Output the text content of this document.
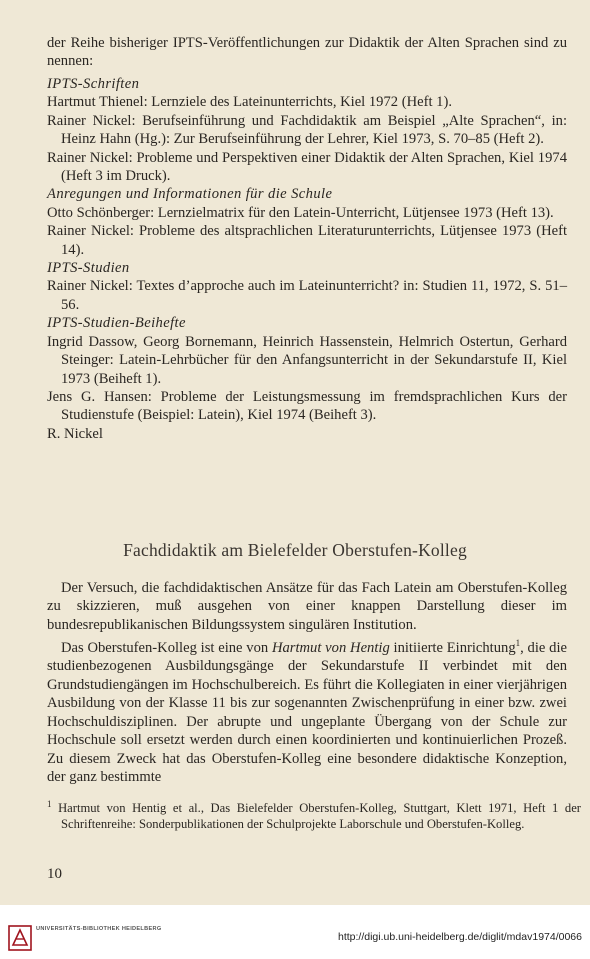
der Reihe bisheriger IPTS-Veröffentlichungen zur Didaktik der Alten Sprachen sind zu nennen:

IPTS-Schriften

Hartmut Thienel: Lernziele des Lateinunterrichts, Kiel 1972 (Heft 1).

Rainer Nickel: Berufseinführung und Fachdidaktik am Beispiel „Alte Sprachen“, in: Heinz Hahn (Hg.): Zur Berufseinführung der Lehrer, Kiel 1973, S. 70–85 (Heft 2).

Rainer Nickel: Probleme und Perspektiven einer Didaktik der Alten Sprachen, Kiel 1974 (Heft 3 im Druck).

Anregungen und Informationen für die Schule

Otto Schönberger: Lernzielmatrix für den Latein-Unterricht, Lütjensee 1973 (Heft 13).

Rainer Nickel: Probleme des altsprachlichen Literaturunterrichts, Lütjensee 1973 (Heft 14).

IPTS-Studien

Rainer Nickel: Textes d’approche auch im Lateinunterricht? in: Studien 11, 1972, S. 51–56.

IPTS-Studien-Beihefte

Ingrid Dassow, Georg Bornemann, Heinrich Hassenstein, Helmrich Ostertun, Gerhard Steinger: Latein-Lehrbücher für den Anfangsunterricht in der Sekundarstufe II, Kiel 1973 (Beiheft 1).

Jens G. Hansen: Probleme der Leistungsmessung im fremdsprachlichen Kurs der Studienstufe (Beispiel: Latein), Kiel 1974 (Beiheft 3).

R. Nickel

Fachdidaktik am Bielefelder Oberstufen-Kolleg

Der Versuch, die fachdidaktischen Ansätze für das Fach Latein am Oberstufen-Kolleg zu skizzieren, muß ausgehen von einer knappen Darstellung dieser im bundesrepublikanischen Bildungssystem singulären Institution.

Das Oberstufen-Kolleg ist eine von Hartmut von Hentig initiierte Einrichtung$^1$, die die studienbezogenen Ausbildungsgänge der Sekundarstufe II verbindet mit den Grundstudiengängen im Hochschulbereich. Es führt die Kollegiaten in einer vierjährigen Ausbildung von der Klasse 11 bis zur sogenannten Zwischenprüfung in einer bzw. zwei Hochschuldisziplinen. Der abrupte und ungeplante Übergang von der Schule zur Hochschule soll ersetzt werden durch einen koordinierten und kontinuierlichen Prozeß. Zu diesem Zweck hat das Oberstufen-Kolleg eine besondere didaktische Konzeption, der ganz bestimmte

$^1$ Hartmut von Hentig et al., Das Bielefelder Oberstufen-Kolleg, Stuttgart, Klett 1971, Heft 1 der Schriftenreihe: Sonderpublikationen der Schulprojekte Laborschule und Oberstufen-Kolleg.
10
UNIVERSITÄTS-BIBLIOTHEK HEIDELBERG
http://digi.ub.uni-heidelberg.de/diglit/mdav1974/0066
